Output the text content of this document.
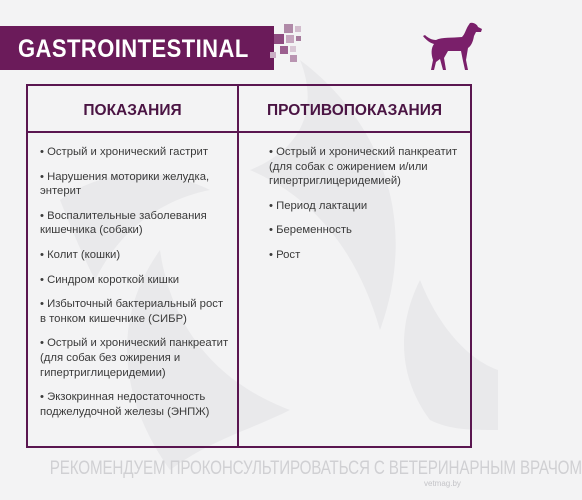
GASTROINTESTINAL
ПОКАЗАНИЯ	ПРОТИВОПОКАЗАНИЯ
• Острый и хронический гастрит
• Нарушения моторики желудка, энтерит
• Воспалительные заболевания кишечника (собаки)
• Колит (кошки)
• Синдром короткой кишки
• Избыточный бактериальный рост в тонком кишечнике (СИБР)
• Острый и хронический панкреатит (для собак без ожирения и гипертриглицеридемии)
• Экзокринная недостаточность поджелудочной железы (ЭНПЖ)
• Острый и хронический панкреатит (для собак с ожирением и/или гипертриглицеридемией)
• Период лактации
• Беременность
• Рост
РЕКОМЕНДУЕМ ПРОКОНСУЛЬТИРОВАТЬСЯ С ВЕТЕРИНАРНЫМ ВРАЧОМ
vetmag.by
